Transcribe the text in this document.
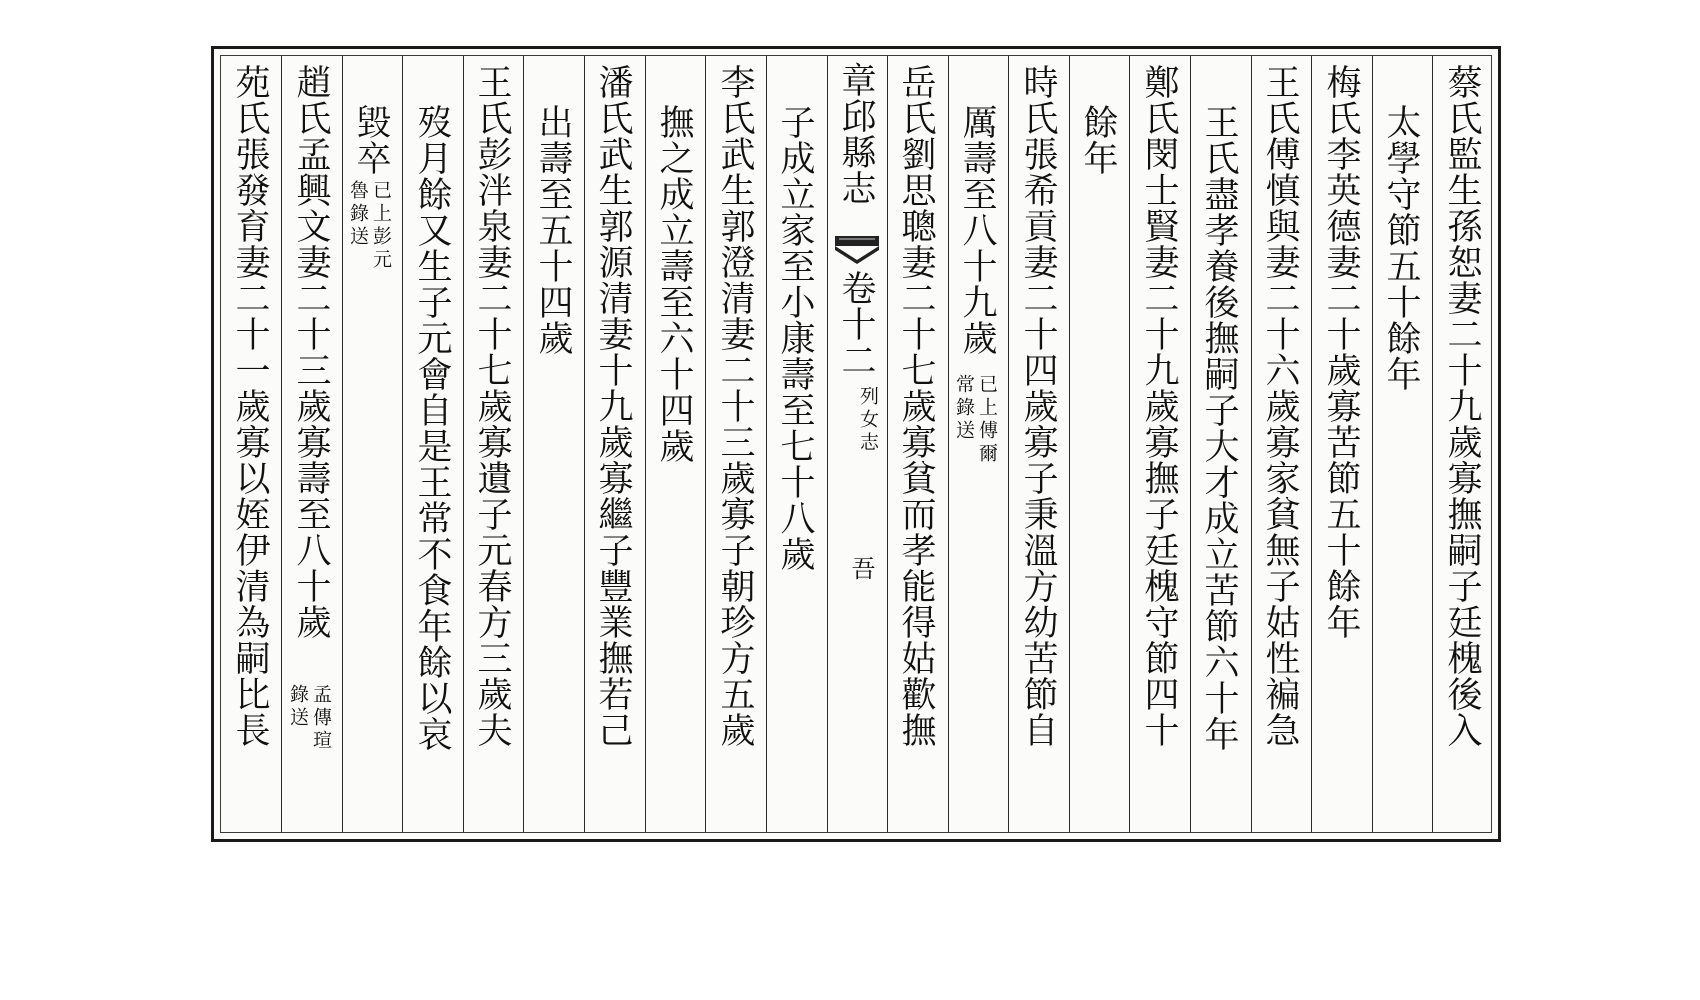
蔡氏監生孫恕妻二十九歲寡撫嗣子廷槐後入
太學守節五十餘年
梅氏李英德妻二十歲寡苦節五十餘年
王氏傅慎與妻二十六歲寡家貧無子姑性褊急
王氏盡孝養後撫嗣子大才成立苦節六十年
鄭氏閔士賢妻二十九歲寡撫子廷槐守節四十
餘年
時氏張希貢妻二十四歲寡子秉溫方幼苦節自
厲壽至八十九歲
已上傅爾
常錄送
岳氏劉思聰妻二十七歲寡貧而孝能得姑歡撫
章邱縣志
卷十二
列女志
吾
子成立家至小康壽至七十八歲
李氏武生郭澄清妻二十三歲寡子朝珍方五歲
撫之成立壽至六十四歲
潘氏武生郭源清妻十九歲寡繼子豐業撫若己
出壽至五十四歲
王氏彭泮泉妻二十七歲寡遺子元春方三歲夫
歿月餘又生子元會自是王常不食年餘以哀
毀卒
已上彭元
魯錄送
趙氏孟興文妻二十三歲寡壽至八十歲
孟傳瑄
錄送
苑氏張發育妻二十一歲寡以姪伊清為嗣比長
